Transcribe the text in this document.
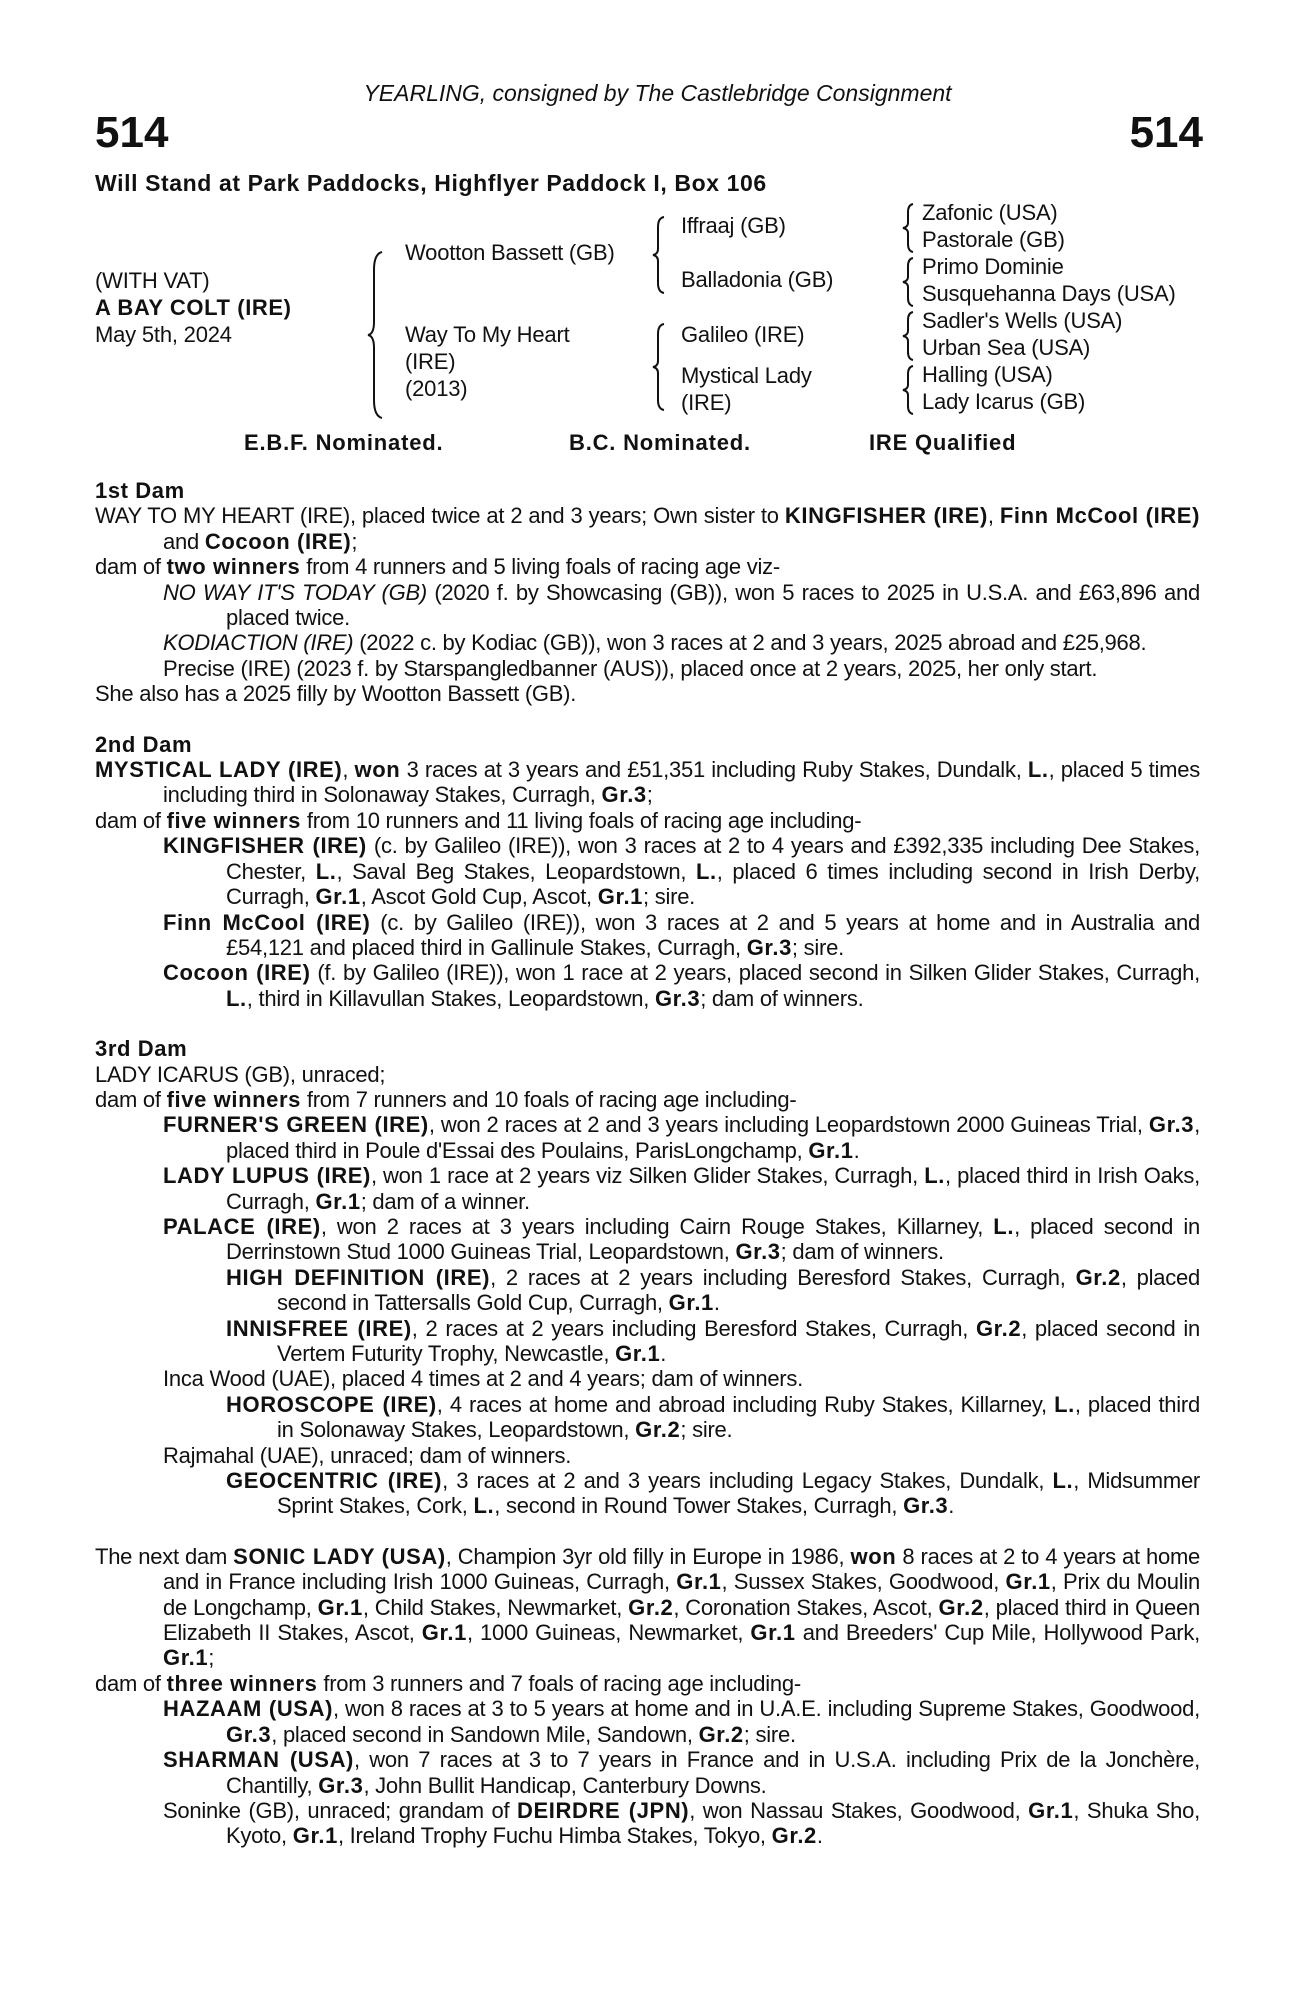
YEARLING, consigned by The Castlebridge Consignment
514	514
Will Stand at Park Paddocks, Highflyer Paddock I, Box 106
(WITH VAT)
A BAY COLT (IRE)
May 5th, 2024
Wootton Bassett (GB)
Way To My Heart
(IRE)
(2013)
Iffraaj (GB)
Balladonia (GB)
Galileo (IRE)
Mystical Lady
(IRE)
Zafonic (USA)
Pastorale (GB)
Primo Dominie
Susquehanna Days (USA)
Sadler's Wells (USA)
Urban Sea (USA)
Halling (USA)
Lady Icarus (GB)
E.B.F. Nominated.	B.C. Nominated.	IRE Qualified
1st Dam
WAY TO MY HEART (IRE), placed twice at 2 and 3 years; Own sister to KINGFISHER (IRE), Finn McCool (IRE) and Cocoon (IRE);
dam of two winners from 4 runners and 5 living foals of racing age viz-
NO WAY IT'S TODAY (GB) (2020 f. by Showcasing (GB)), won 5 races to 2025 in U.S.A. and £63,896 and placed twice.
KODIACTION (IRE) (2022 c. by Kodiac (GB)), won 3 races at 2 and 3 years, 2025 abroad and £25,968.
Precise (IRE) (2023 f. by Starspangledbanner (AUS)), placed once at 2 years, 2025, her only start.
She also has a 2025 filly by Wootton Bassett (GB).
2nd Dam
MYSTICAL LADY (IRE), won 3 races at 3 years and £51,351 including Ruby Stakes, Dundalk, L., placed 5 times including third in Solonaway Stakes, Curragh, Gr.3;
dam of five winners from 10 runners and 11 living foals of racing age including-
KINGFISHER (IRE) (c. by Galileo (IRE)), won 3 races at 2 to 4 years and £392,335 including Dee Stakes, Chester, L., Saval Beg Stakes, Leopardstown, L., placed 6 times including second in Irish Derby, Curragh, Gr.1, Ascot Gold Cup, Ascot, Gr.1; sire.
Finn McCool (IRE) (c. by Galileo (IRE)), won 3 races at 2 and 5 years at home and in Australia and £54,121 and placed third in Gallinule Stakes, Curragh, Gr.3; sire.
Cocoon (IRE) (f. by Galileo (IRE)), won 1 race at 2 years, placed second in Silken Glider Stakes, Curragh, L., third in Killavullan Stakes, Leopardstown, Gr.3; dam of winners.
3rd Dam
LADY ICARUS (GB), unraced;
dam of five winners from 7 runners and 10 foals of racing age including-
FURNER'S GREEN (IRE), won 2 races at 2 and 3 years including Leopardstown 2000 Guineas Trial, Gr.3, placed third in Poule d'Essai des Poulains, ParisLongchamp, Gr.1.
LADY LUPUS (IRE), won 1 race at 2 years viz Silken Glider Stakes, Curragh, L., placed third in Irish Oaks, Curragh, Gr.1; dam of a winner.
PALACE (IRE), won 2 races at 3 years including Cairn Rouge Stakes, Killarney, L., placed second in Derrinstown Stud 1000 Guineas Trial, Leopardstown, Gr.3; dam of winners.
HIGH DEFINITION (IRE), 2 races at 2 years including Beresford Stakes, Curragh, Gr.2, placed second in Tattersalls Gold Cup, Curragh, Gr.1.
INNISFREE (IRE), 2 races at 2 years including Beresford Stakes, Curragh, Gr.2, placed second in Vertem Futurity Trophy, Newcastle, Gr.1.
Inca Wood (UAE), placed 4 times at 2 and 4 years; dam of winners.
HOROSCOPE (IRE), 4 races at home and abroad including Ruby Stakes, Killarney, L., placed third in Solonaway Stakes, Leopardstown, Gr.2; sire.
Rajmahal (UAE), unraced; dam of winners.
GEOCENTRIC (IRE), 3 races at 2 and 3 years including Legacy Stakes, Dundalk, L., Midsummer Sprint Stakes, Cork, L., second in Round Tower Stakes, Curragh, Gr.3.
The next dam SONIC LADY (USA), Champion 3yr old filly in Europe in 1986, won 8 races at 2 to 4 years at home and in France including Irish 1000 Guineas, Curragh, Gr.1, Sussex Stakes, Goodwood, Gr.1, Prix du Moulin de Longchamp, Gr.1, Child Stakes, Newmarket, Gr.2, Coronation Stakes, Ascot, Gr.2, placed third in Queen Elizabeth II Stakes, Ascot, Gr.1, 1000 Guineas, Newmarket, Gr.1 and Breeders' Cup Mile, Hollywood Park, Gr.1;
dam of three winners from 3 runners and 7 foals of racing age including-
HAZAAM (USA), won 8 races at 3 to 5 years at home and in U.A.E. including Supreme Stakes, Goodwood, Gr.3, placed second in Sandown Mile, Sandown, Gr.2; sire.
SHARMAN (USA), won 7 races at 3 to 7 years in France and in U.S.A. including Prix de la Jonchère, Chantilly, Gr.3, John Bullit Handicap, Canterbury Downs.
Soninke (GB), unraced; grandam of DEIRDRE (JPN), won Nassau Stakes, Goodwood, Gr.1, Shuka Sho, Kyoto, Gr.1, Ireland Trophy Fuchu Himba Stakes, Tokyo, Gr.2.
